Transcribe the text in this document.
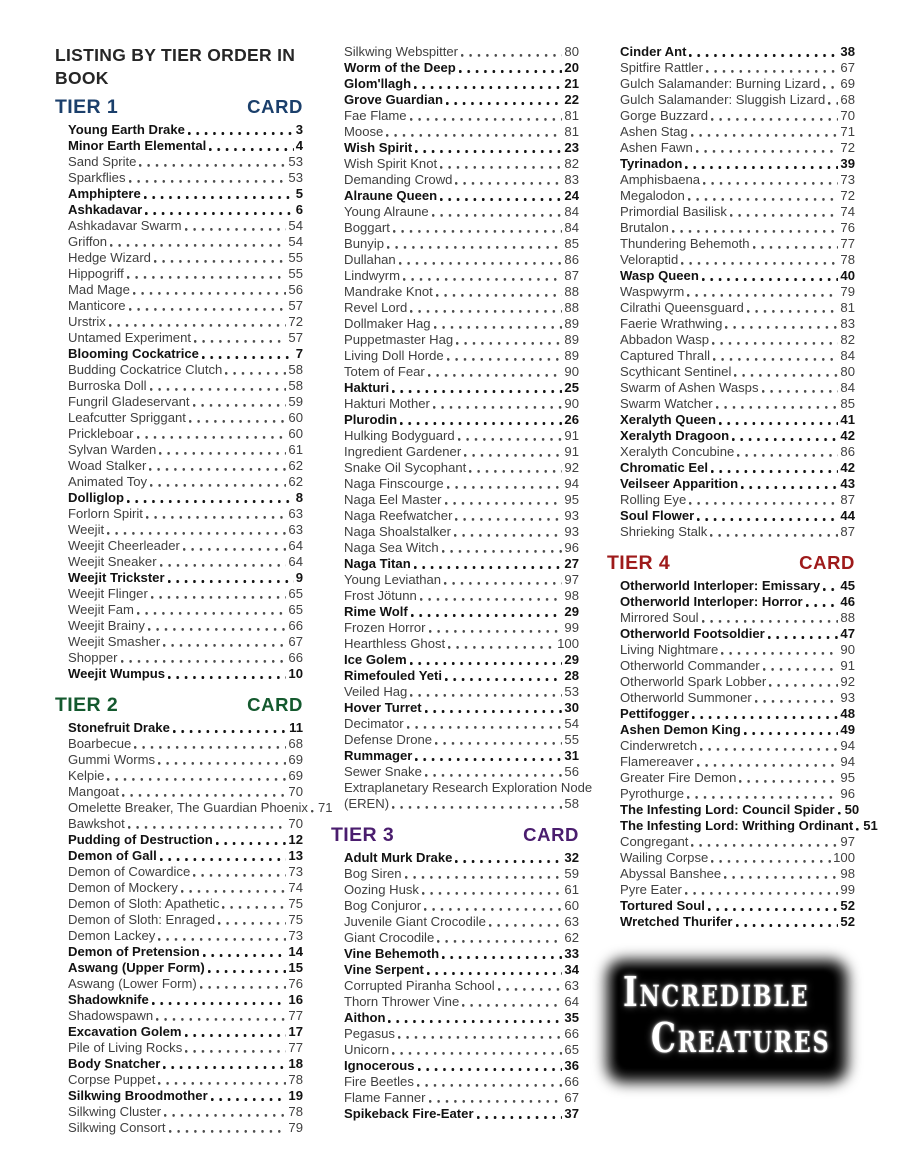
LISTING BY TIER ORDER IN BOOK
TIER 1	CARD
Young Earth Drake	3
Minor Earth Elemental	4
Sand Sprite	53
Sparkflies	53
Amphiptere	5
Ashkadavar	6
Ashkadavar Swarm	54
Griffon	54
Hedge Wizard	55
Hippogriff	55
Mad Mage	56
Manticore	57
Urstrix	72
Untamed Experiment	57
Blooming Cockatrice	7
Budding Cockatrice Clutch	58
Burroska Doll	58
Fungril Gladeservant	59
Leafcutter Spriggant	60
Prickleboar	60
Sylvan Warden	61
Woad Stalker	62
Animated Toy	62
Dolliglop	8
Forlorn Spirit	63
Weejit	63
Weejit Cheerleader	64
Weejit Sneaker	64
Weejit Trickster	9
Weejit Flinger	65
Weejit Fam	65
Weejit Brainy	66
Weejit Smasher	67
Shopper	66
Weejit Wumpus	10
TIER 2	CARD
Stonefruit Drake	11
Boarbecue	68
Gummi Worms	69
Kelpie	69
Mangoat	70
Omelette Breaker, The Guardian Phoenix 71
Bawkshot	70
Pudding of Destruction	12
Demon of Gall	13
Demon of Cowardice	73
Demon of Mockery	74
Demon of Sloth: Apathetic	75
Demon of Sloth: Enraged	75
Demon Lackey	73
Demon of Pretension	14
Aswang (Upper Form)	15
Aswang (Lower Form)	76
Shadowknife	16
Shadowspawn	77
Excavation Golem	17
Pile of Living Rocks	77
Body Snatcher	18
Corpse Puppet	78
Silkwing Broodmother	19
Silkwing Cluster	78
Silkwing Consort	79
Silkwing Webspitter	80
Worm of the Deep	20
Glom'llagh	21
Grove Guardian	22
Fae Flame	81
Moose	81
Wish Spirit	23
Wish Spirit Knot	82
Demanding Crowd	83
Alraune Queen	24
Young Alraune	84
Boggart	84
Bunyip	85
Dullahan	86
Lindwyrm	87
Mandrake Knot	88
Revel Lord	88
Dollmaker Hag	89
Puppetmaster Hag	89
Living Doll Horde	89
Totem of Fear	90
Hakturi	25
Hakturi Mother	90
Plurodin	26
Hulking Bodyguard	91
Ingredient Gardener	91
Snake Oil Sycophant	92
Naga Finscourge	94
Naga Eel Master	95
Naga Reefwatcher	93
Naga Shoalstalker	93
Naga Sea Witch	96
Naga Titan	27
Young Leviathan	97
Frost Jötunn	98
Rime Wolf	29
Frozen Horror	99
Hearthless Ghost	100
Ice Golem	29
Rimefouled Yeti	28
Veiled Hag	53
Hover Turret	30
Decimator	54
Defense Drone	55
Rummager	31
Sewer Snake	56
Extraplanetary Research Exploration Node
(EREN)	58
TIER 3	CARD
Adult Murk Drake	32
Bog Siren	59
Oozing Husk	61
Bog Conjuror	60
Juvenile Giant Crocodile	63
Giant Crocodile	62
Vine Behemoth	33
Vine Serpent	34
Corrupted Piranha School	63
Thorn Thrower Vine	64
Aithon	35
Pegasus	66
Unicorn	65
Ignocerous	36
Fire Beetles	66
Flame Fanner	67
Spikeback Fire-Eater	37
Cinder Ant	38
Spitfire Rattler	67
Gulch Salamander: Burning Lizard 69
Gulch Salamander: Sluggish Lizard 68
Gorge Buzzard	70
Ashen Stag	71
Ashen Fawn	72
Tyrinadon	39
Amphisbaena	73
Megalodon	72
Primordial Basilisk	74
Brutalon	76
Thundering Behemoth	77
Veloraptid	78
Wasp Queen	40
Waspwyrm	79
Cilrathi Queensguard	81
Faerie Wrathwing	83
Abbadon Wasp	82
Captured Thrall	84
Scythicant Sentinel	80
Swarm of Ashen Wasps	84
Swarm Watcher	85
Xeralyth Queen	41
Xeralyth Dragoon	42
Xeralyth Concubine	86
Chromatic Eel	42
Veilseer Apparition	43
Rolling Eye	87
Soul Flower	44
Shrieking Stalk	87
TIER 4	CARD
Otherworld Interloper: Emissary 45
Otherworld Interloper: Horror	46
Mirrored Soul	88
Otherworld Footsoldier	47
Living Nightmare	90
Otherworld Commander	91
Otherworld Spark Lobber	92
Otherworld Summoner	93
Pettifogger	48
Ashen Demon King	49
Cinderwretch	94
Flamereaver	94
Greater Fire Demon	95
Pyrothurge	96
The Infesting Lord: Council Spider 50
The Infesting Lord: Writhing Ordinant 51
Congregant	97
Wailing Corpse	100
Abyssal Banshee	98
Pyre Eater	99
Tortured Soul	52
Wretched Thurifer	52
Incredible
Creatures
